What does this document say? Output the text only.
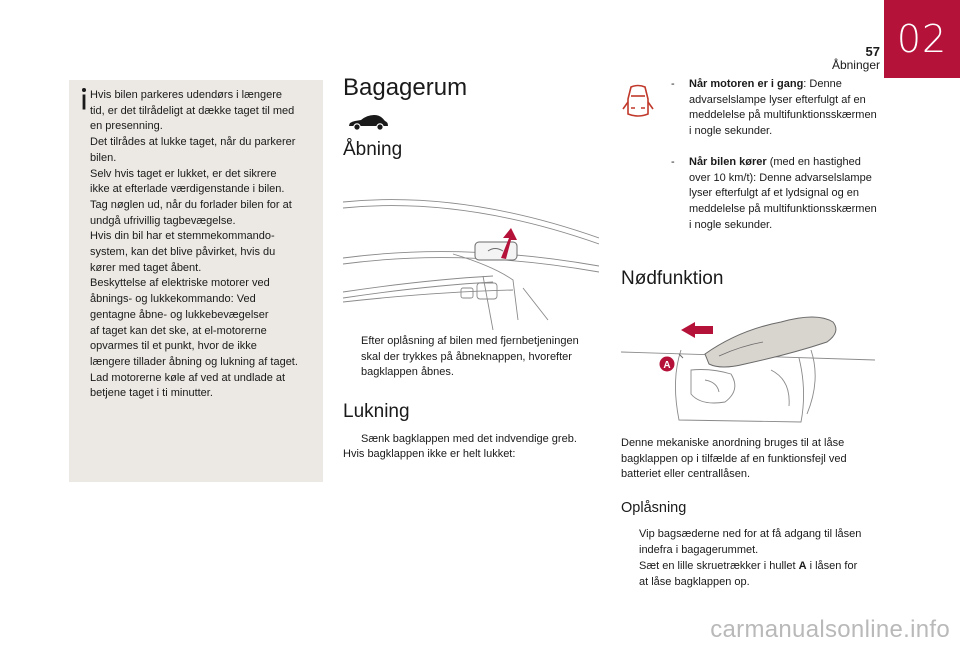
02
57
Åbninger

Hvis bilen parkeres udendørs i længere
tid, er det tilrådeligt at dække taget til med
en presenning.
Det tilrådes at lukke taget, når du parkerer
bilen.
Selv hvis taget er lukket, er det sikrere
ikke at efterlade værdigenstande i bilen.
Tag nøglen ud, når du forlader bilen for at
undgå ufrivillig tagbevægelse.
Hvis din bil har et stemmekommando-
system, kan det blive påvirket, hvis du
kører med taget åbent.
Beskyttelse af elektriske motorer ved
åbnings- og lukkekommando: Ved
gentagne åbne- og lukkebevægelser
af taget kan det ske, at el-motorerne
opvarmes til et punkt, hvor de ikke
længere tillader åbning og lukning af taget.
Lad motorerne køle af ved at undlade at
betjene taget i ti minutter.

Bagagerum
Åbning

Efter oplåsning af bilen med fjernbetjeningen skal der trykkes på åbneknappen, hvorefter bagklappen åbnes.

Lukning

Sænk bagklappen med det indvendige greb.

Hvis bagklappen ikke er helt lukket:

- Når motoren er i gang: Denne advarselslampe lyser efterfulgt af en meddelelse på multifunktionsskærmen i nogle sekunder.

- Når bilen kører (med en hastighed over 10 km/t): Denne advarselslampe lyser efterfulgt af et lydsignal og en meddelelse på multifunktionsskærmen i nogle sekunder.

Nødfunktion
A

Denne mekaniske anordning bruges til at låse bagklappen op i tilfælde af en funktionsfejl ved batteriet eller centrallåsen.

Oplåsning

Vip bagsæderne ned for at få adgang til låsen indefra i bagagerummet.

Sæt en lille skruetrækker i hullet A i låsen for at låse bagklappen op.

carmanualsonline.info
